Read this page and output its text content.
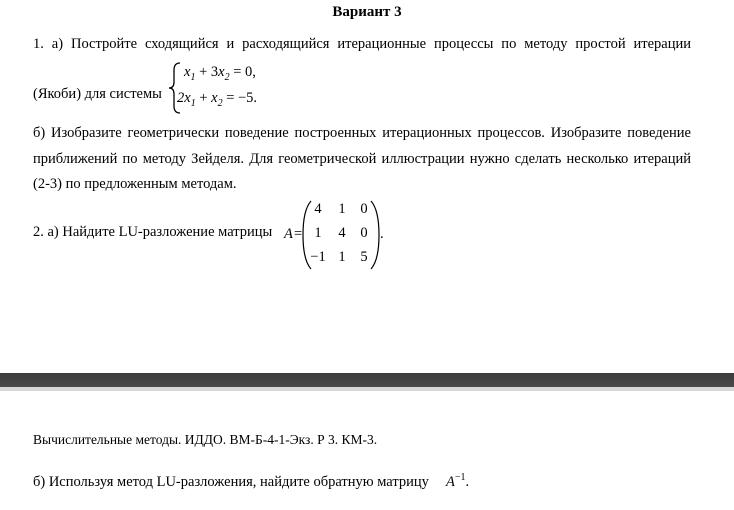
Вариант 3
1. а) Постройте сходящийся и расходящийся итерационные процессы по методу простой итерации
(Якоби) для системы
$x_1 + 3x_2 = 0$,
$2x_1 + x_2 = -5$.
б) Изобразите геометрически поведение построенных итерационных процессов. Изобразите поведение
приближений по методу Зейделя. Для геометрической иллюстрации нужно сделать несколько итераций
(2-3) по предложенным методам.
2. а) Найдите LU-разложение матрицы A =
4 1 0
1 4 0
−1 1 5
.
Вычислительные методы. ИДДО. ВМ-Б-4-1-Экз. Р 3. КМ-3.
б) Используя метод LU-разложения, найдите обратную матрицу $A^{-1}$.
